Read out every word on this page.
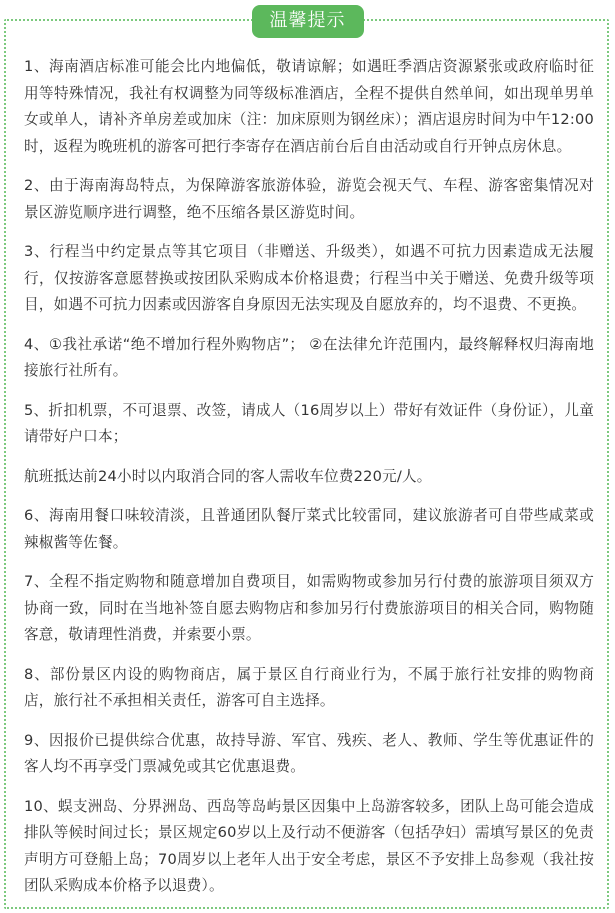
温馨提示

1、海南酒店标准可能会比内地偏低，敬请谅解；如遇旺季酒店资源紧张或政府临时征用等特殊情况，我社有权调整为同等级标准酒店，全程不提供自然单间，如出现单男单女或单人，请补齐单房差或加床（注：加床原则为钢丝床）；酒店退房时间为中午12:00时，返程为晚班机的游客可把行李寄存在酒店前台后自由活动或自行开钟点房休息。

2、由于海南海岛特点，为保障游客旅游体验，游览会视天气、车程、游客密集情况对景区游览顺序进行调整，绝不压缩各景区游览时间。

3、行程当中约定景点等其它项目（非赠送、升级类），如遇不可抗力因素造成无法履行，仅按游客意愿替换或按团队采购成本价格退费；行程当中关于赠送、免费升级等项目，如遇不可抗力因素或因游客自身原因无法实现及自愿放弃的，均不退费、不更换。

4、①我社承诺“绝不增加行程外购物店”； ②在法律允许范围内，最终解释权归海南地接旅行社所有。

5、折扣机票，不可退票、改签，请成人（16周岁以上）带好有效证件（身份证），儿童请带好户口本；

航班抵达前24小时以内取消合同的客人需收车位费220元/人。

6、海南用餐口味较清淡，且普通团队餐厅菜式比较雷同，建议旅游者可自带些咸菜或辣椒酱等佐餐。

7、全程不指定购物和随意增加自费项目，如需购物或参加另行付费的旅游项目须双方协商一致，同时在当地补签自愿去购物店和参加另行付费旅游项目的相关合同，购物随客意，敬请理性消费，并索要小票。

8、部份景区内设的购物商店，属于景区自行商业行为，不属于旅行社安排的购物商店，旅行社不承担相关责任，游客可自主选择。

9、因报价已提供综合优惠，故持导游、军官、残疾、老人、教师、学生等优惠证件的客人均不再享受门票减免或其它优惠退费。

10、蜈支洲岛、分界洲岛、西岛等岛屿景区因集中上岛游客较多，团队上岛可能会造成排队等候时间过长；景区规定60岁以上及行动不便游客（包括孕妇）需填写景区的免责声明方可登船上岛；70周岁以上老年人出于安全考虑，景区不予安排上岛参观（我社按团队采购成本价格予以退费）。
